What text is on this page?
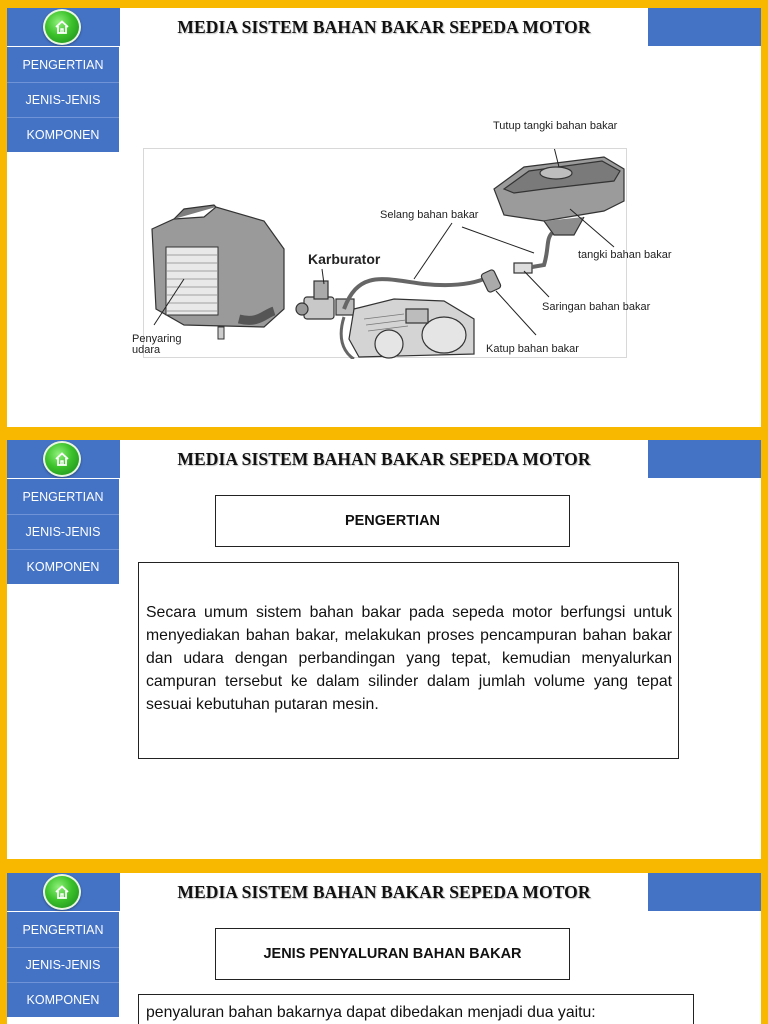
MEDIA SISTEM BAHAN BAKAR SEPEDA MOTOR
PENGERTIAN
JENIS-JENIS
KOMPONEN
Tutup tangki bahan bakar
Selang bahan bakar
Karburator	tangki bahan bakar
Saringan bahan bakar
Penyaring
udara	Katup bahan bakar
MEDIA SISTEM BAHAN BAKAR SEPEDA MOTOR
PENGERTIAN
JENIS-JENIS
KOMPONEN
PENGERTIAN

Secara umum sistem bahan bakar pada sepeda motor berfungsi untuk menyediakan bahan bakar, melakukan proses pencampuran bahan bakar dan udara dengan perbandingan yang tepat, kemudian menyalurkan campuran tersebut ke dalam silinder dalam jumlah volume yang tepat sesuai kebutuhan putaran mesin.

MEDIA SISTEM BAHAN BAKAR SEPEDA MOTOR
PENGERTIAN
JENIS-JENIS
KOMPONEN
JENIS PENYALURAN BAHAN BAKAR

penyaluran bahan bakarnya dapat dibedakan menjadi dua yaitu:
